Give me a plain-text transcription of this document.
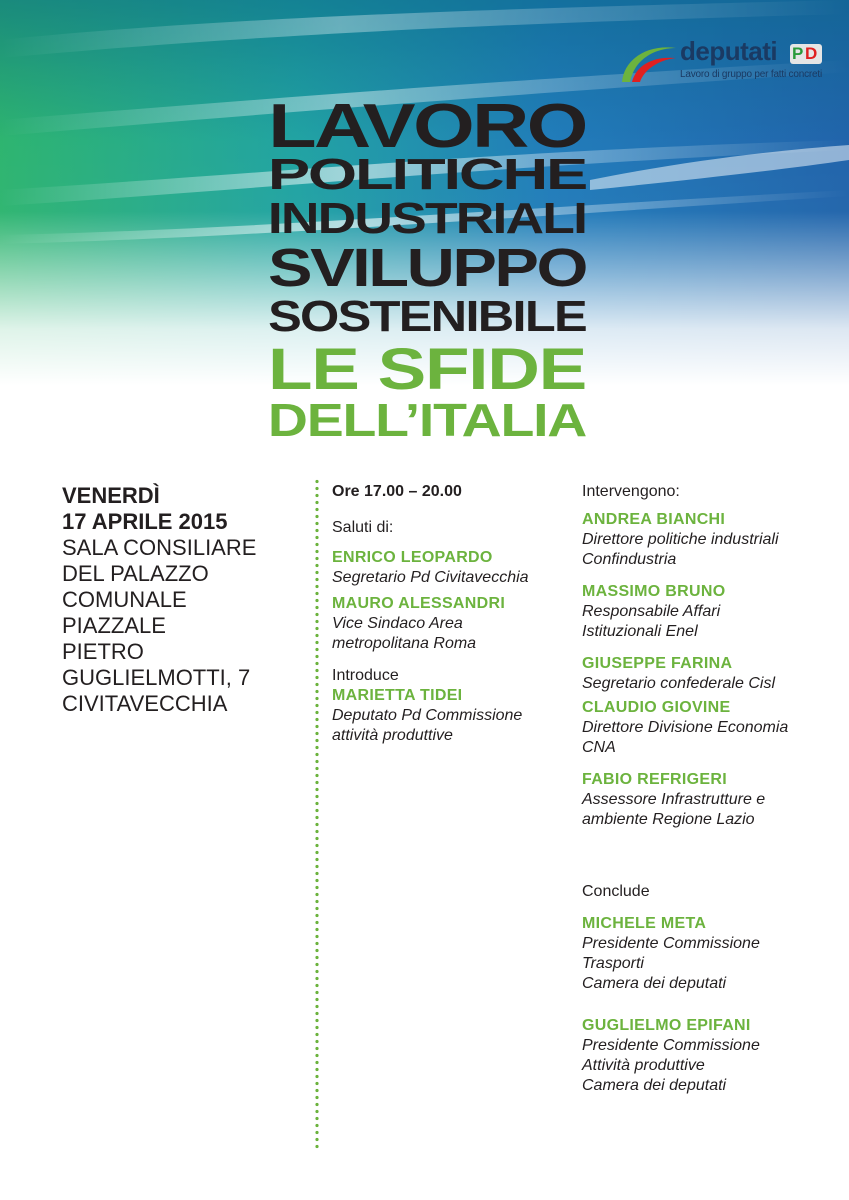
deputati P D
Lavoro di gruppo per fatti concreti
LAVORO
POLITICHE
INDUSTRIALI
SVILUPPO
SOSTENIBILE
LE SFIDE
DELL’ITALIA
VENERDÌ
17 APRILE 2015
SALA CONSILIARE
DEL PALAZZO
COMUNALE
PIAZZALE
PIETRO
GUGLIELMOTTI, 7
CIVITAVECCHIA
Ore 17.00 – 20.00
Saluti di:
ENRICO LEOPARDO
Segretario Pd Civitavecchia
MAURO ALESSANDRI
Vice Sindaco Area
metropolitana Roma
Introduce
MARIETTA TIDEI
Deputato Pd Commissione
attività produttive
Intervengono:
ANDREA BIANCHI
Direttore politiche industriali
Confindustria
MASSIMO BRUNO
Responsabile Affari
Istituzionali Enel
GIUSEPPE FARINA
Segretario confederale Cisl
CLAUDIO GIOVINE
Direttore Divisione Economia
CNA
FABIO REFRIGERI
Assessore Infrastrutture e
ambiente Regione Lazio
Conclude
MICHELE META
Presidente Commissione
Trasporti
Camera dei deputati
GUGLIELMO EPIFANI
Presidente Commissione
Attività produttive
Camera dei deputati
